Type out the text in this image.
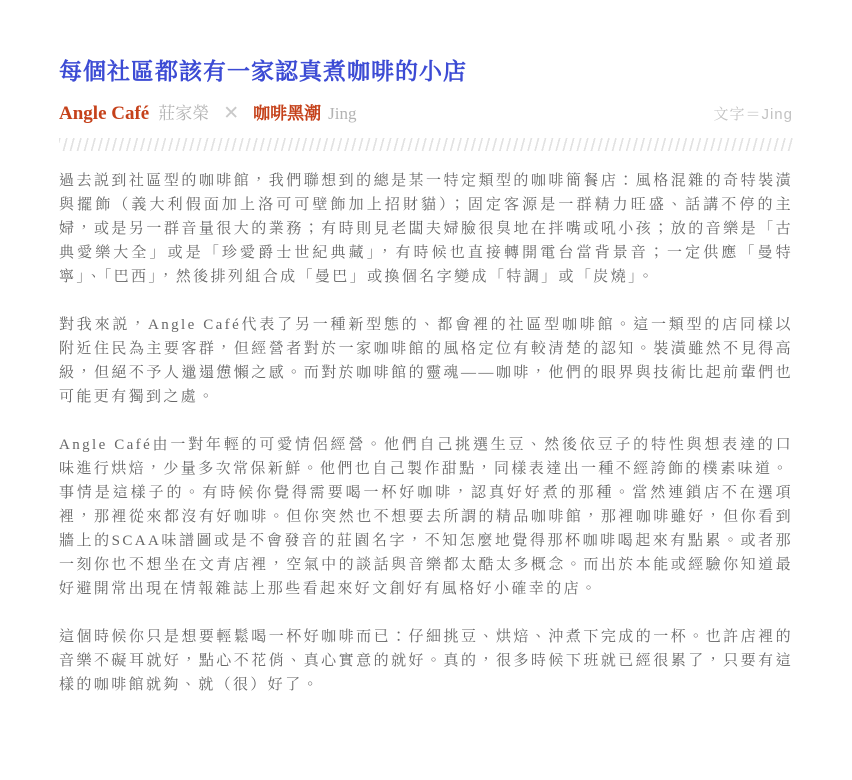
每個社區都該有一家認真煮咖啡的小店
Angle Café 莊家榮 ✕ 咖啡黑潮 Jing	文字＝Jing

過去説到社區型的咖啡館，我們聯想到的總是某一特定類型的咖啡簡餐店：風格混雜的奇特裝潢與擺飾（義大利假面加上洛可可壁飾加上招財貓）；固定客源是一群精力旺盛、話講不停的主婦，或是另一群音量很大的業務；有時則見老闆夫婦臉很臭地在拌嘴或吼小孩；放的音樂是「古典愛樂大全」或是「珍愛爵士世紀典藏」，有時候也直接轉開電台當背景音；一定供應「曼特寧」、「巴西」，然後排列組合成「曼巴」或換個名字變成「特調」或「炭燒」。

對我來説，Angle Café代表了另一種新型態的、都會裡的社區型咖啡館。這一類型的店同樣以附近住民為主要客群，但經營者對於一家咖啡館的風格定位有較清楚的認知。裝潢雖然不見得高級，但絕不予人邋遢憊懶之感。而對於咖啡館的靈魂——咖啡，他們的眼界與技術比起前輩們也可能更有獨到之處。

Angle Café由一對年輕的可愛情侶經營。他們自己挑選生豆、然後依豆子的特性與想表達的口味進行烘焙，少量多次常保新鮮。他們也自己製作甜點，同樣表達出一種不經誇飾的樸素味道。

事情是這樣子的。有時候你覺得需要喝一杯好咖啡，認真好好煮的那種。當然連鎖店不在選項裡，那裡從來都沒有好咖啡。但你突然也不想要去所謂的精品咖啡館，那裡咖啡雖好，但你看到牆上的SCAA味譜圖或是不會發音的莊園名字，不知怎麼地覺得那杯咖啡喝起來有點累。或者那一刻你也不想坐在文青店裡，空氣中的談話與音樂都太酷太多概念。而出於本能或經驗你知道最好避開常出現在情報雜誌上那些看起來好文創好有風格好小確幸的店。

這個時候你只是想要輕鬆喝一杯好咖啡而已：仔細挑豆、烘焙、沖煮下完成的一杯。也許店裡的音樂不礙耳就好，點心不花俏、真心實意的就好。真的，很多時候下班就已經很累了，只要有這樣的咖啡館就夠、就（很）好了。
